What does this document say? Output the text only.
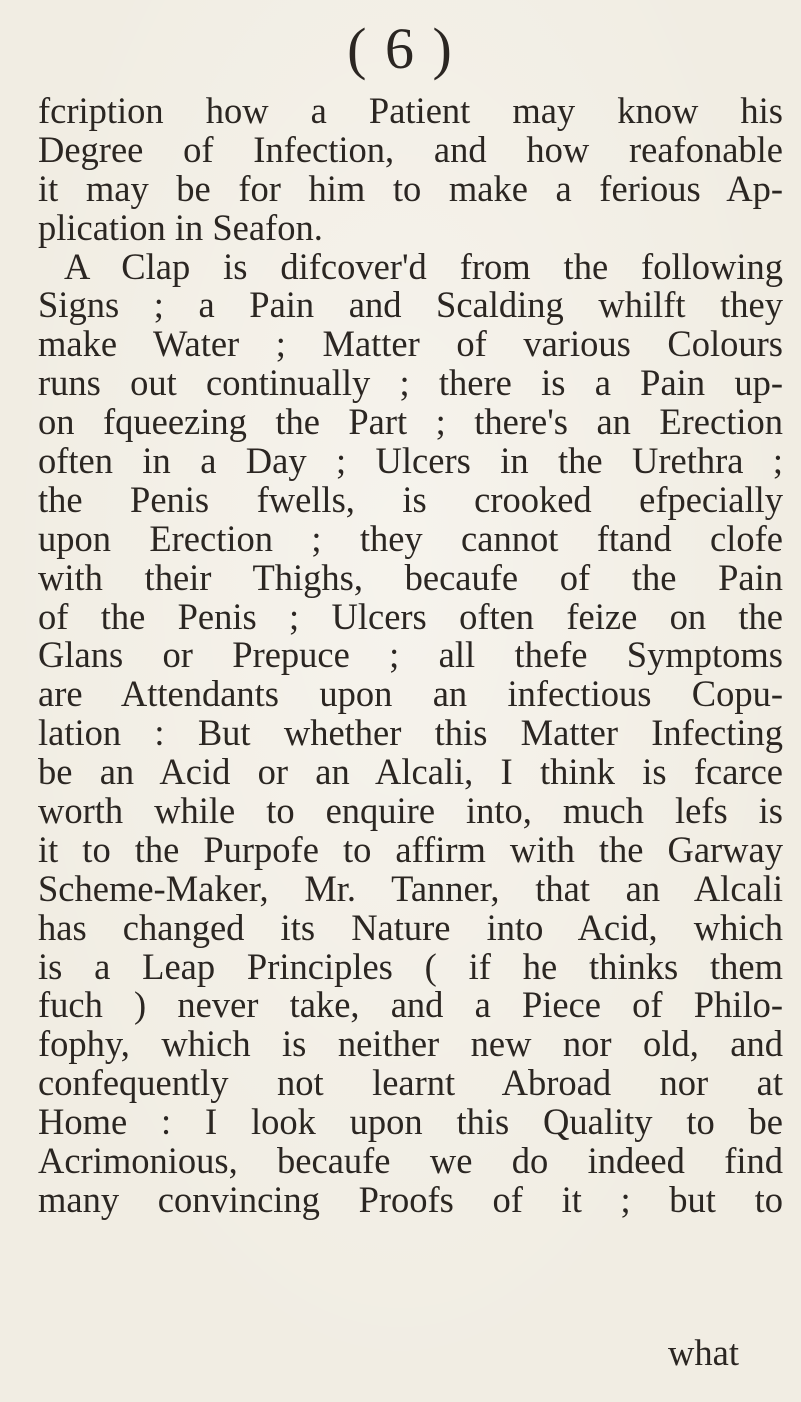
( 6 )
fcription how a Patient may know his
Degree of Infection, and how reafonable
it may be for him to make a ferious Ap-
plication in Seafon.
A Clap is difcover'd from the following
Signs ; a Pain and Scalding whilft they
make Water ; Matter of various Colours
runs out continually ; there is a Pain up-
on fqueezing the Part ; there's an Erection
often in a Day ; Ulcers in the Urethra ;
the Penis fwells, is crooked efpecially
upon Erection ; they cannot ftand clofe
with their Thighs, becaufe of the Pain
of the Penis ; Ulcers often feize on the
Glans or Prepuce ; all thefe Symptoms
are Attendants upon an infectious Copu-
lation : But whether this Matter Infecting
be an Acid or an Alcali, I think is fcarce
worth while to enquire into, much lefs is
it to the Purpofe to affirm with the Garway
Scheme-Maker, Mr. Tanner, that an Alcali
has changed its Nature into Acid, which
is a Leap Principles ( if he thinks them
fuch ) never take, and a Piece of Philo-
fophy, which is neither new nor old, and
confequently not learnt Abroad nor at
Home : I look upon this Quality to be
Acrimonious, becaufe we do indeed find
many convincing Proofs of it ; but to
what
